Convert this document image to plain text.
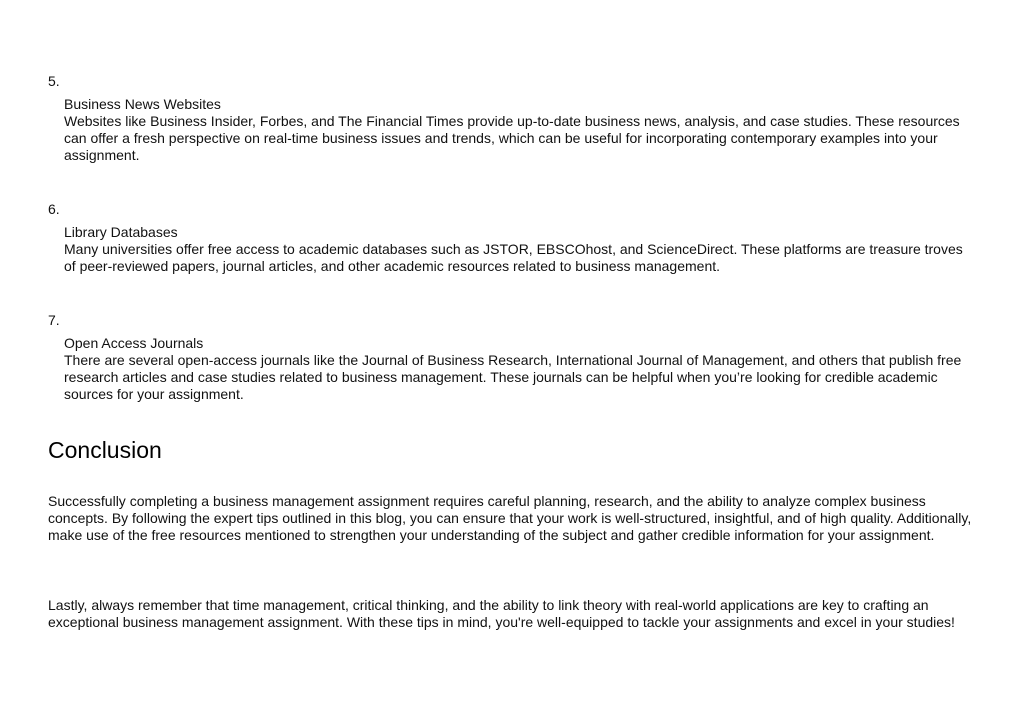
5.
Business News Websites
Websites like Business Insider, Forbes, and The Financial Times provide up-to-date business news, analysis, and case studies. These resources can offer a fresh perspective on real-time business issues and trends, which can be useful for incorporating contemporary examples into your assignment.
6.
Library Databases
Many universities offer free access to academic databases such as JSTOR, EBSCOhost, and ScienceDirect. These platforms are treasure troves of peer-reviewed papers, journal articles, and other academic resources related to business management.
7.
Open Access Journals
There are several open-access journals like the Journal of Business Research, International Journal of Management, and others that publish free research articles and case studies related to business management. These journals can be helpful when you’re looking for credible academic sources for your assignment.
Conclusion

Successfully completing a business management assignment requires careful planning, research, and the ability to analyze complex business concepts. By following the expert tips outlined in this blog, you can ensure that your work is well-structured, insightful, and of high quality. Additionally, make use of the free resources mentioned to strengthen your understanding of the subject and gather credible information for your assignment.

Lastly, always remember that time management, critical thinking, and the ability to link theory with real-world applications are key to crafting an exceptional business management assignment. With these tips in mind, you're well-equipped to tackle your assignments and excel in your studies!
